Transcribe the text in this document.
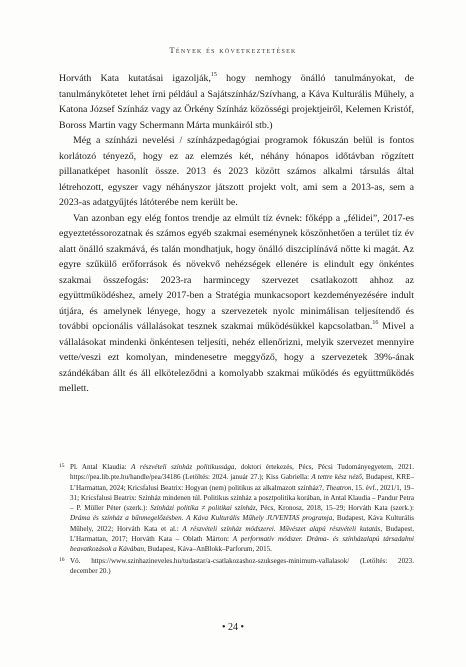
Tények és következtetések

Horváth Kata kutatásai igazolják,$^{15}$ hogy nemhogy önálló tanulmányokat, de tanulmánykötetet lehet írni például a Sajátszínház/Szívhang, a Káva Kulturális Műhely, a Katona József Színház vagy az Örkény Színház közösségi projektjeiről, Kelemen Kristóf, Boross Martin vagy Schermann Márta munkáiról stb.)

Még a színházi nevelési / színházpedagógiai programok fókuszán belül is fontos korlátozó tényező, hogy ez az elemzés két, néhány hónapos időtávban rögzített pillanatképet hasonlít össze. 2013 és 2023 között számos alkalmi társulás által létrehozott, egyszer vagy néhányszor játszott projekt volt, ami sem a 2013-as, sem a 2023-as adatgyűjtés látóterébe nem került be.

Van azonban egy elég fontos trendje az elmúlt tíz évnek: főképp a „félidei”, 2017-es egyeztetéssorozatnak és számos egyéb szakmai eseménynek köszönhetően a terület tíz év alatt önálló szakmává, és talán mondhatjuk, hogy önálló diszciplínává nőtte ki magát. Az egyre szűkülő erőforrások és növekvő nehézségek ellenére is elindult egy önkéntes szakmai összefogás: 2023-ra harmincegy szervezet csatlakozott ahhoz az együttműködéshez, amely 2017-ben a Stratégia munkacsoport kezdeményezésére indult útjára, és amelynek lényege, hogy a szervezetek nyolc minimálisan teljesítendő és további opcionális vállalásokat tesznek szakmai működésükkel kapcsolatban.$^{16}$ Mivel a vállalásokat mindenki önkéntesen teljesíti, nehéz ellenőrizni, melyik szervezet mennyire vette/veszi ezt komolyan, mindenesetre meggyőző, hogy a szervezetek 39%-ának szándékában állt és áll elköteleződni a komolyabb szakmai működés és együttműködés mellett.

15 Pl. Antal Klaudia: A részvételi színház politikussága, doktori értekezés, Pécs, Pécsi Tudományegyetem, 2021. https://pea.lib.pte.hu/handle/pea/34186 (Letöltés: 2024. január 27.); Kiss Gabriella: A tettre kész néző, Budapest, KRE–L’Harmattan, 2024; Kricsfalusi Beatrix: Hogyan (nem) politikus az alkalmazott színház?, Theatron, 15. évf., 2021/1, 19–31; Kricsfalusi Beatrix: Színház mindenen túl. Politikus színház a posztpolitika korában, in Antal Klaudia – Pandur Petra – P. Müller Péter (szerk.): Színházi politika ≠ politikai színház, Pécs, Kronosz, 2018, 15–29; Horváth Kata (szerk.): Dráma és színház a bűnmegelőzésben. A Káva Kulturális Műhely JUVENTAS programja, Budapest, Káva Kulturális Műhely, 2022; Horváth Kata et al.: A részvételi színház módszerei. Művészet alapú részvételi kutatás, Budapest, L’Harmattan, 2017; Horváth Kata – Oblath Márton: A performatív módszer. Dráma- és színházalapú társadalmi beavatkozások a Kávában, Budapest, Káva–AnBlokk–Parforum, 2015.
16 Vö. https://www.szinhazineveles.hu/tudastar/a-csatlakozashoz-szukseges-minimum-vallalasok/ (Letöltés: 2023. december 20.)
• 24 •
